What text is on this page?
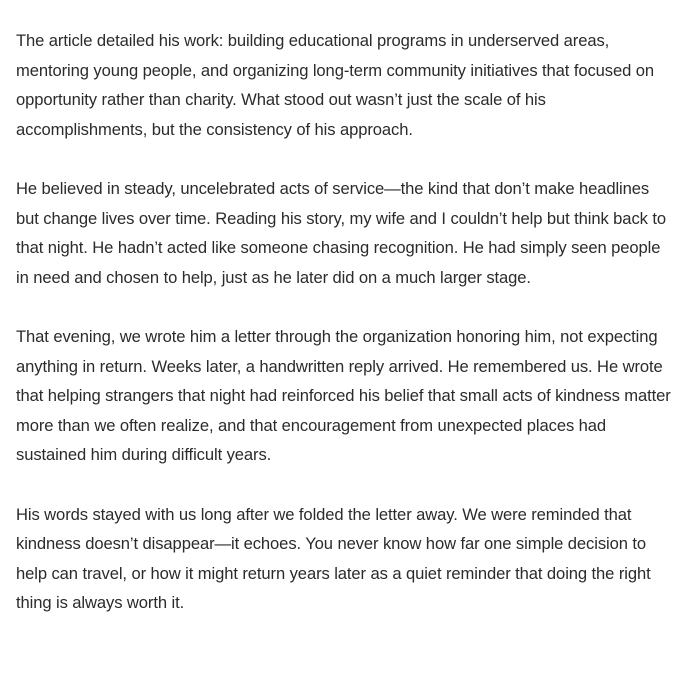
The article detailed his work: building educational programs in underserved areas, mentoring young people, and organizing long-term community initiatives that focused on opportunity rather than charity. What stood out wasn’t just the scale of his accomplishments, but the consistency of his approach.

He believed in steady, uncelebrated acts of service—the kind that don’t make headlines but change lives over time. Reading his story, my wife and I couldn’t help but think back to that night. He hadn’t acted like someone chasing recognition. He had simply seen people in need and chosen to help, just as he later did on a much larger stage.

That evening, we wrote him a letter through the organization honoring him, not expecting anything in return. Weeks later, a handwritten reply arrived. He remembered us. He wrote that helping strangers that night had reinforced his belief that small acts of kindness matter more than we often realize, and that encouragement from unexpected places had sustained him during difficult years.

His words stayed with us long after we folded the letter away. We were reminded that kindness doesn’t disappear—it echoes. You never know how far one simple decision to help can travel, or how it might return years later as a quiet reminder that doing the right thing is always worth it.
